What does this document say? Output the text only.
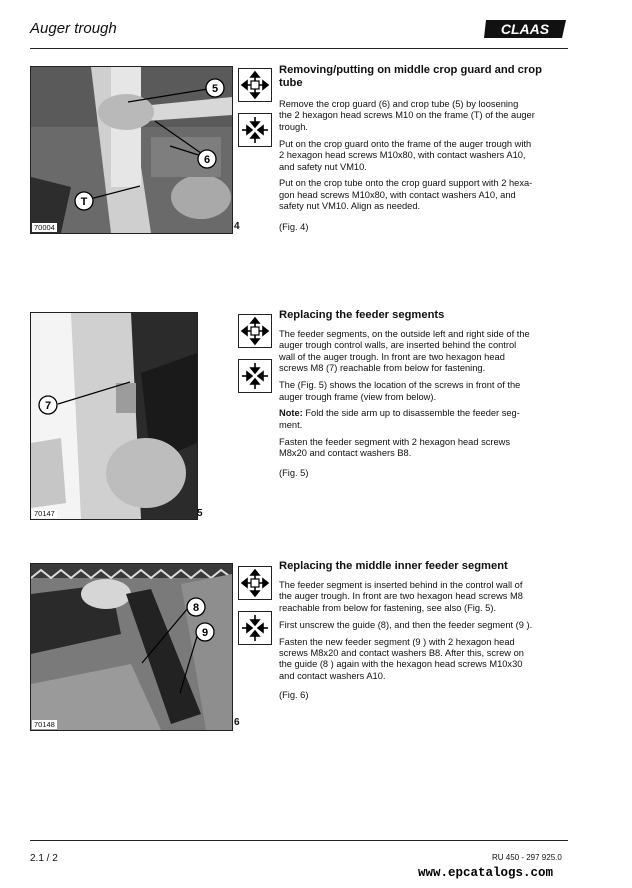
Auger trough	CLAAS
70004
5
6
T
4
Removing/putting on middle crop guard and crop
tube

Remove the crop guard (6) and crop tube (5) by loosening
the 2 hexagon head screws M10 on the frame (T) of the auger
trough.

Put on the crop guard onto the frame of the auger trough with
2 hexagon head screws M10x80, with contact washers A10,
and safety nut VM10.

Put on the crop tube onto the crop guard support with 2 hexa-
gon head screws M10x80, with contact washers A10, and
safety nut VM10. Align as needed.

(Fig. 4)

70147
7
5
Replacing the feeder segments

The feeder segments, on the outside left and right side of the
auger trough control walls, are inserted behind the control
wall of the auger trough. In front are two hexagon head
screws M8 (7) reachable from below for fastening.

The (Fig. 5) shows the location of the screws in front of the
auger trough frame (view from below).

Note: Fold the side arm up to disassemble the feeder seg-
ment.

Fasten the feeder segment with 2 hexagon head screws
M8x20 and contact washers B8.

(Fig. 5)

70148
8
9
6
Replacing the middle inner feeder segment

The feeder segment is inserted behind in the control wall of
the auger trough. In front are two hexagon head screws M8
reachable from below for fastening, see also (Fig. 5).

First unscrew the guide (8), and then the feeder segment (9 ).

Fasten the new feeder segment (9 ) with 2 hexagon head
screws M8x20 and contact washers B8. After this, screw on
the guide (8 ) again with the hexagon head screws M10x30
and contact washers A10.

(Fig. 6)

2.1 / 2	RU 450 - 297 925.0
www.epcatalogs.com
